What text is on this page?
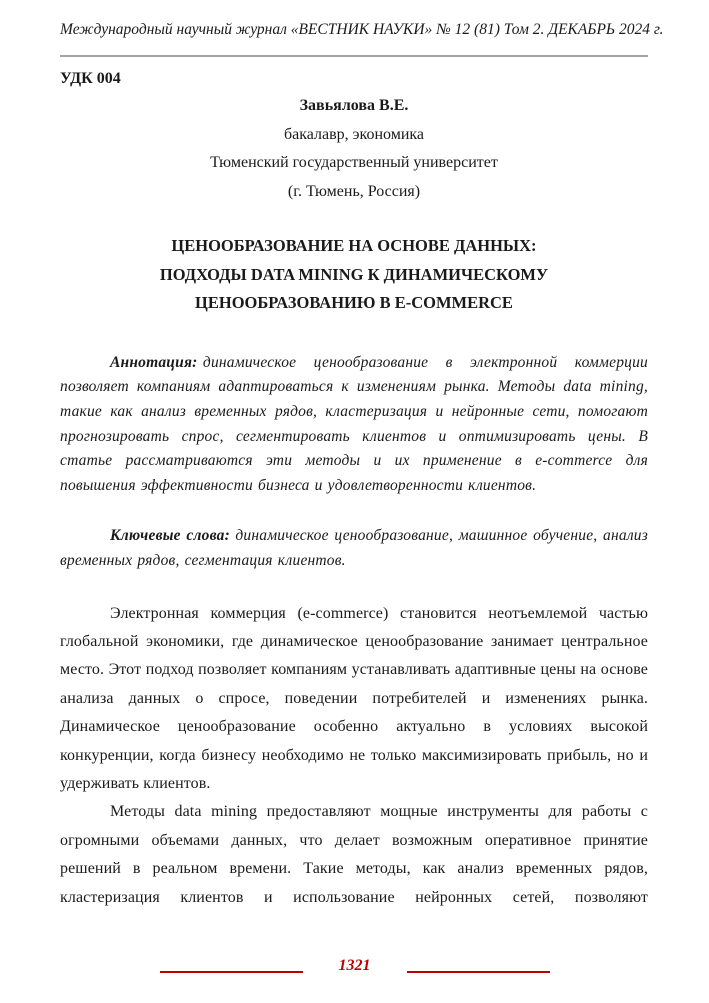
Международный научный журнал «ВЕСТНИК НАУКИ» № 12 (81) Том 2. ДЕКАБРЬ 2024 г.
УДК 004
Завьялова В.Е.
бакалавр, экономика
Тюменский государственный университет
(г. Тюмень, Россия)
ЦЕНООБРАЗОВАНИЕ НА ОСНОВЕ ДАННЫХ:
ПОДХОДЫ DATA MINING К ДИНАМИЧЕСКОМУ
ЦЕНООБРАЗОВАНИЮ В E-COMMERCE

Аннотация: динамическое ценообразование в электронной коммерции позволяет компаниям адаптироваться к изменениям рынка. Методы data mining, такие как анализ временных рядов, кластеризация и нейронные сети, помогают прогнозировать спрос, сегментировать клиентов и оптимизировать цены. В статье рассматриваются эти методы и их применение в e-commerce для повышения эффективности бизнеса и удовлетворенности клиентов.

Ключевые слова: динамическое ценообразование, машинное обучение, анализ временных рядов, сегментация клиентов.

Электронная коммерция (e-commerce) становится неотъемлемой частью глобальной экономики, где динамическое ценообразование занимает центральное место. Этот подход позволяет компаниям устанавливать адаптивные цены на основе анализа данных о спросе, поведении потребителей и изменениях рынка. Динамическое ценообразование особенно актуально в условиях высокой конкуренции, когда бизнесу необходимо не только максимизировать прибыль, но и удерживать клиентов.

Методы data mining предоставляют мощные инструменты для работы с огромными объемами данных, что делает возможным оперативное принятие решений в реальном времени. Такие методы, как анализ временных рядов, кластеризация клиентов и использование нейронных сетей, позволяют

1321
